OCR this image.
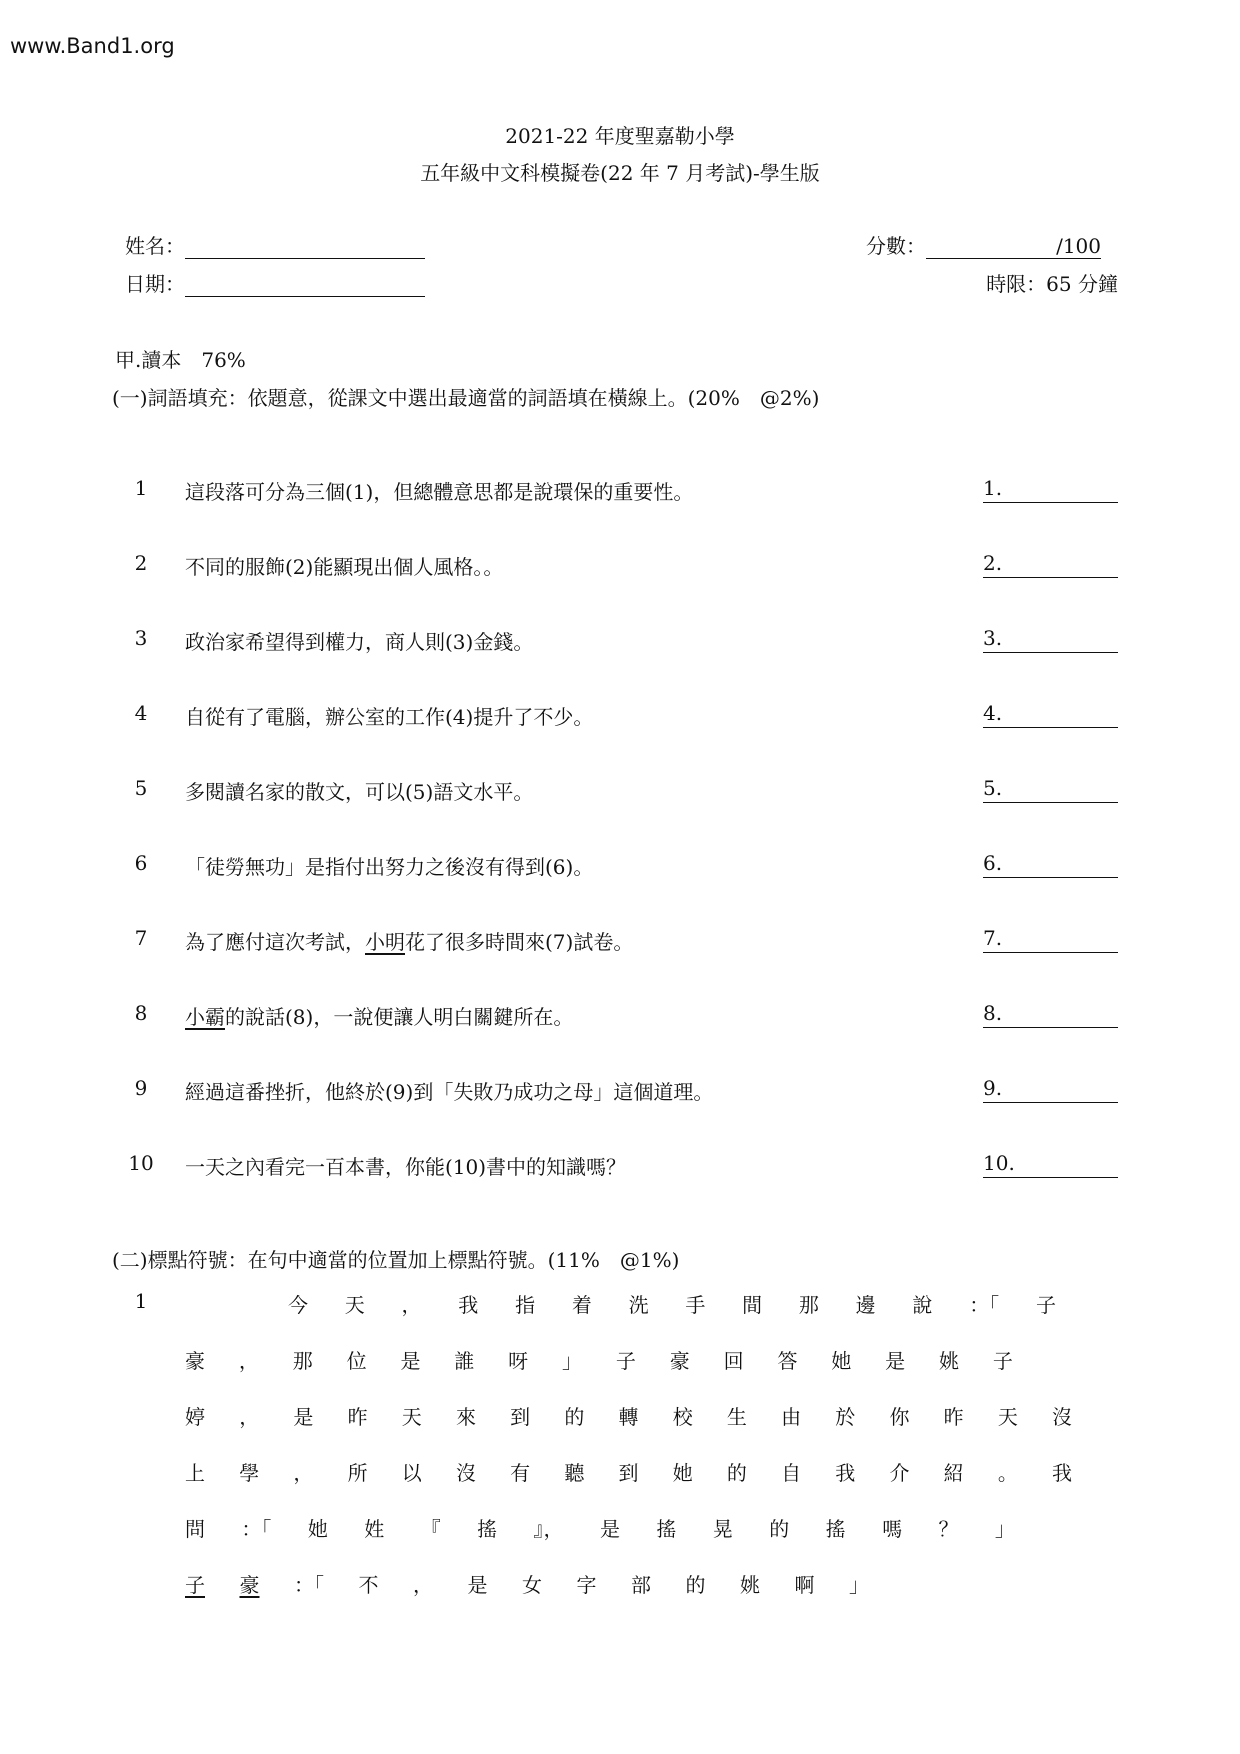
www.Band1.org
2021-22 年度聖嘉勒小學
五年級中文科模擬卷(22 年 7 月考試)-學生版
姓名：
日期：
分數：	/100
時限：65 分鐘
甲.讀本　76%
(一)詞語填充：依題意，從課文中選出最適當的詞語填在橫線上。(20%　@2%)
1	這段落可分為三個(1)，但總體意思都是說環保的重要性。	1.
2	不同的服飾(2)能顯現出個人風格。。	2.
3	政治家希望得到權力，商人則(3)金錢。	3.
4	自從有了電腦，辦公室的工作(4)提升了不少。	4.
5	多閱讀名家的散文，可以(5)語文水平。	5.
6	「徒勞無功」是指付出努力之後沒有得到(6)。	6.
7	為了應付這次考試，小明花了很多時間來(7)試卷。	7.
8	小霸的說話(8)，一說便讓人明白關鍵所在。	8.
9	經過這番挫折，他終於(9)到「失敗乃成功之母」這個道理。	9.
10	一天之內看完一百本書，你能(10)書中的知識嗎？	10.
(二)標點符號：在句中適當的位置加上標點符號。(11%　@1%)
1	今 天 ， 我 指 着 洗 手 間 那 邊 說 ：「 子
豪 ， 那 位 是 誰 呀 」 子 豪 回 答 她 是 姚 子
婷 ， 是 昨 天 來 到 的 轉 校 生 由 於 你 昨 天 沒
上 學 ， 所 以 沒 有 聽 到 她 的 自 我 介 紹 。 我
問 ：「 她 姓 『 搖 』， 是 搖 晃 的 搖 嗎 ？ 」
子 豪 ：「 不 ， 是 女 字 部 的 姚 啊 」
